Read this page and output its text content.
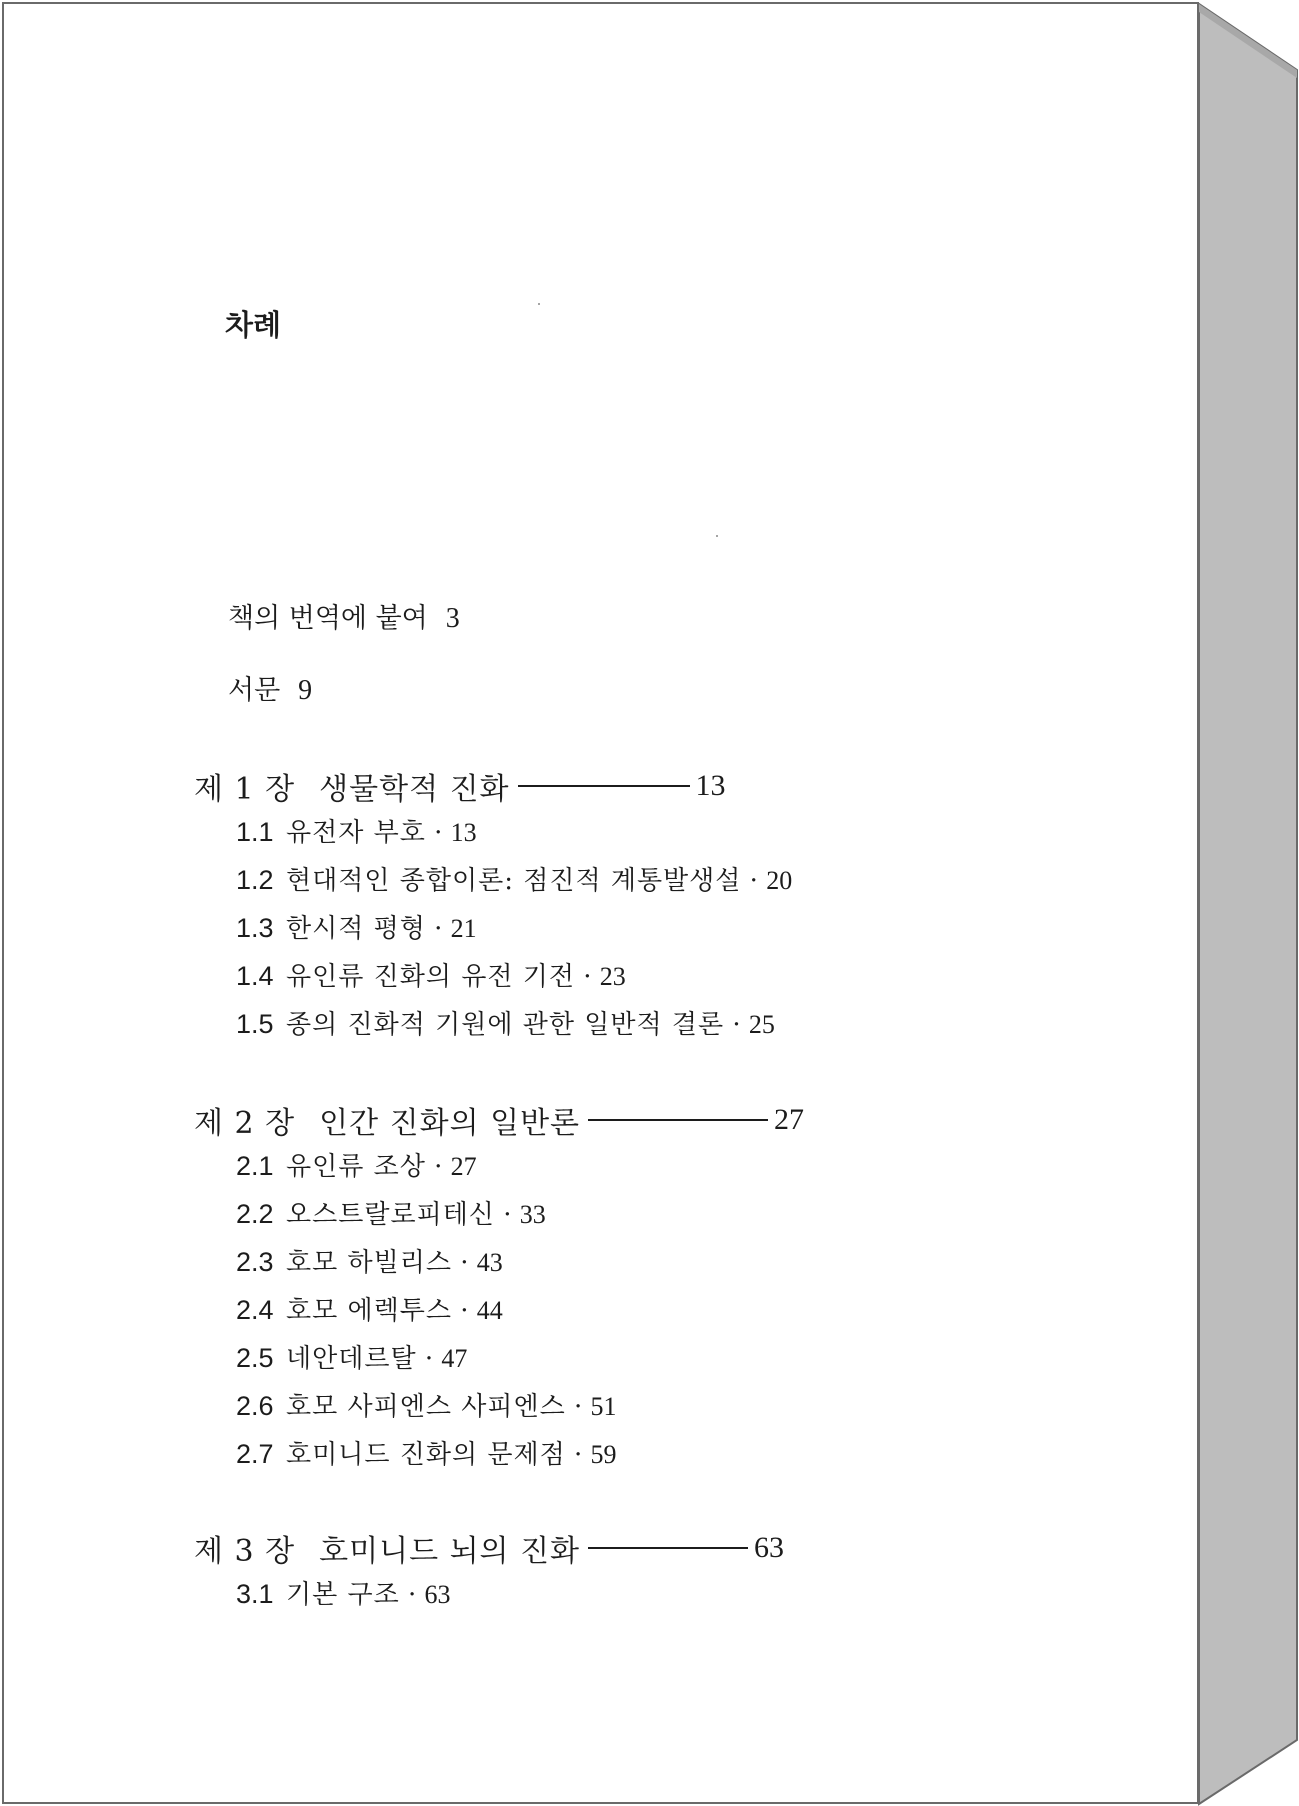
차례
책의 번역에 붙여 3
서문 9
제 1 장 생물학적 진화	13
1.1 유전자 부호 · 13
1.2 현대적인 종합이론: 점진적 계통발생설 · 20
1.3 한시적 평형 · 21
1.4 유인류 진화의 유전 기전 · 23
1.5 종의 진화적 기원에 관한 일반적 결론 · 25
제 2 장 인간 진화의 일반론	27
2.1 유인류 조상 · 27
2.2 오스트랄로피테신 · 33
2.3 호모 하빌리스 · 43
2.4 호모 에렉투스 · 44
2.5 네안데르탈 · 47
2.6 호모 사피엔스 사피엔스 · 51
2.7 호미니드 진화의 문제점 · 59
제 3 장 호미니드 뇌의 진화	63
3.1 기본 구조 · 63
